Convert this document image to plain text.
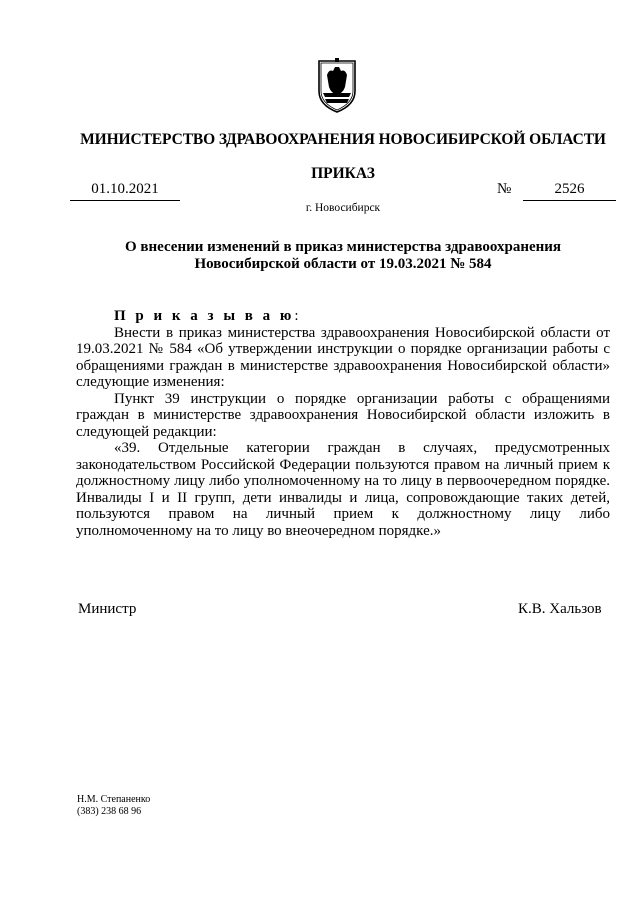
МИНИСТЕРСТВО ЗДРАВООХРАНЕНИЯ НОВОСИБИРСКОЙ ОБЛАСТИ
ПРИКАЗ
01.10.2021	№	2526
г. Новосибирск
О внесении изменений в приказ министерства здравоохранения
Новосибирской области от 19.03.2021 № 584

П р и к а з ы в а ю:

Внести в приказ министерства здравоохранения Новосибирской области от 19.03.2021 № 584 «Об утверждении инструкции о порядке организации работы с обращениями граждан в министерстве здравоохранения Новосибирской области» следующие изменения:

Пункт 39 инструкции о порядке организации работы с обращениями граждан в министерстве здравоохранения Новосибирской области изложить в следующей редакции:

«39. Отдельные категории граждан в случаях, предусмотренных законодательством Российской Федерации пользуются правом на личный прием к должностному лицу либо уполномоченному на то лицу в первоочередном порядке. Инвалиды I и II групп, дети инвалиды и лица, сопровождающие таких детей, пользуются правом на личный прием к должностному лицу либо уполномоченному на то лицу во внеочередном порядке.»

Министр	К.В. Хальзов
Н.М. Степаненко
(383) 238 68 96
